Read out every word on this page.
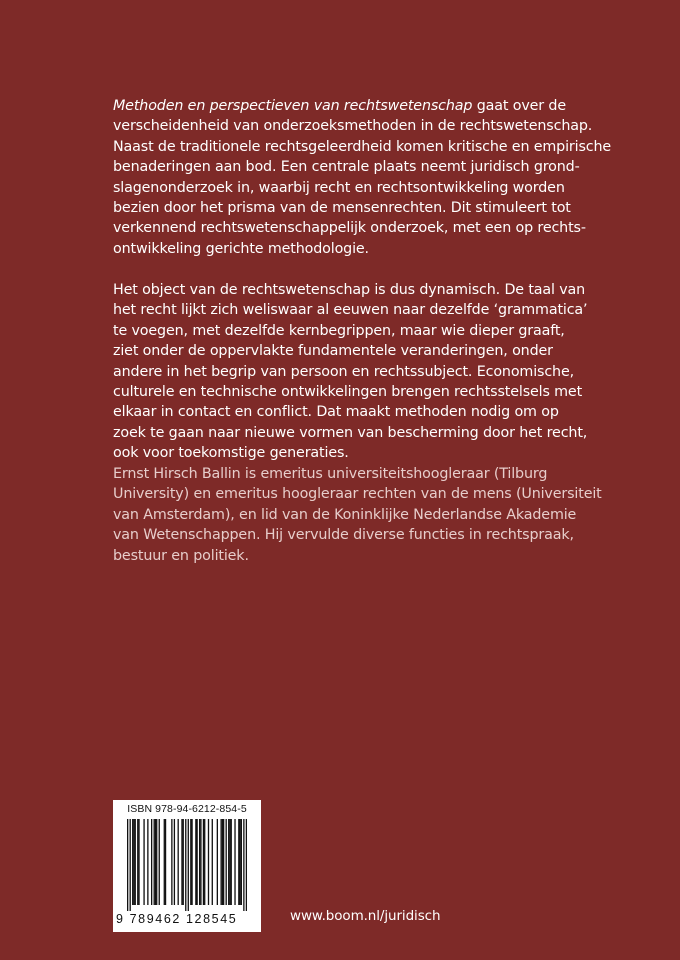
Methoden en perspectieven van rechtswetenschap gaat over de
verscheidenheid van onderzoeksmethoden in de rechtswetenschap.
Naast de traditionele rechtsgeleerdheid komen kritische en empirische
benaderingen aan bod. Een centrale plaats neemt juridisch grond-
slagenonderzoek in, waarbij recht en rechtsontwikkeling worden
bezien door het prisma van de mensenrechten. Dit stimuleert tot
verkennend rechtswetenschappelijk onderzoek, met een op rechts-
ontwikkeling gerichte methodologie.

Het object van de rechtswetenschap is dus dynamisch. De taal van
het recht lijkt zich weliswaar al eeuwen naar dezelfde ‘grammatica’
te voegen, met dezelfde kernbegrippen, maar wie dieper graaft,
ziet onder de oppervlakte fundamentele veranderingen, onder
andere in het begrip van persoon en rechtssubject. Economische,
culturele en technische ontwikkelingen brengen rechtsstelsels met
elkaar in contact en conflict. Dat maakt methoden nodig om op
zoek te gaan naar nieuwe vormen van bescherming door het recht,
ook voor toekomstige generaties.

Ernst Hirsch Ballin is emeritus universiteitshoogleraar (Tilburg
University) en emeritus hoogleraar rechten van de mens (Universiteit
van Amsterdam), en lid van de Koninklijke Nederlandse Akademie
van Wetenschappen. Hij vervulde diverse functies in rechtspraak,
bestuur en politiek.

ISBN 978-94-6212-854-5
9 789462 128545	www.boom.nl/juridisch
